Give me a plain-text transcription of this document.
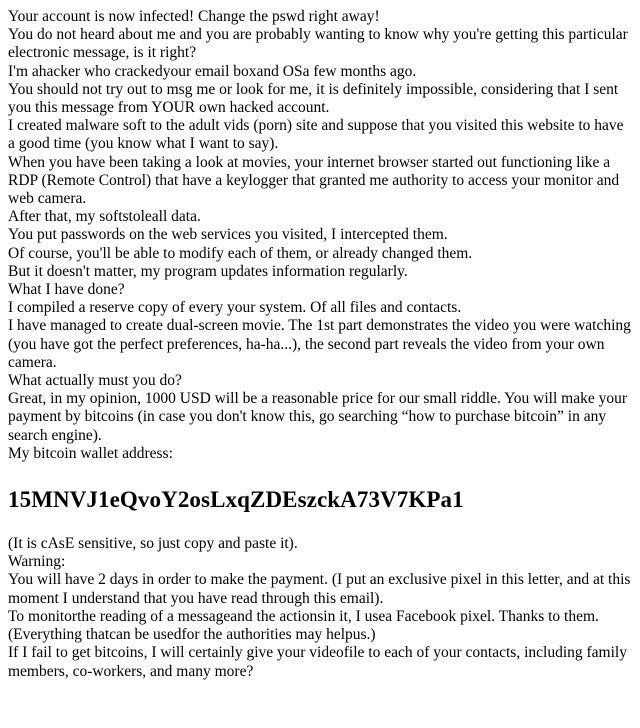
Your account is now infected! Change the pswd right away!

You do not heard about me and you are probably wanting to know why you're getting this particular electronic message, is it right?

I'm ahacker who crackedyour email boxand OSa few months ago.

You should not try out to msg me or look for me, it is definitely impossible, considering that I sent you this message from YOUR own hacked account.

I created malware soft to the adult vids (porn) site and suppose that you visited this website to have a good time (you know what I want to say).

When you have been taking a look at movies, your internet browser started out functioning like a RDP (Remote Control) that have a keylogger that granted me authority to access your monitor and web camera.

After that, my softstoleall data.

You put passwords on the web services you visited, I intercepted them.

Of course, you'll be able to modify each of them, or already changed them.

But it doesn't matter, my program updates information regularly.

What I have done?

I compiled a reserve copy of every your system. Of all files and contacts.

I have managed to create dual-screen movie. The 1st part demonstrates the video you were watching (you have got the perfect preferences, ha-ha...), the second part reveals the video from your own camera.

What actually must you do?

Great, in my opinion, 1000 USD will be a reasonable price for our small riddle. You will make your payment by bitcoins (in case you don't know this, go searching “how to purchase bitcoin” in any search engine).

My bitcoin wallet address:

15MNVJ1eQvoY2osLxqZDEszckA73V7KPa1

(It is cAsE sensitive, so just copy and paste it).

Warning:

You will have 2 days in order to make the payment. (I put an exclusive pixel in this letter, and at this moment I understand that you have read through this email).

To monitorthe reading of a messageand the actionsin it, I usea Facebook pixel. Thanks to them. (Everything thatcan be usedfor the authorities may helpus.)

If I fail to get bitcoins, I will certainly give your videofile to each of your contacts, including family members, co-workers, and many more?
